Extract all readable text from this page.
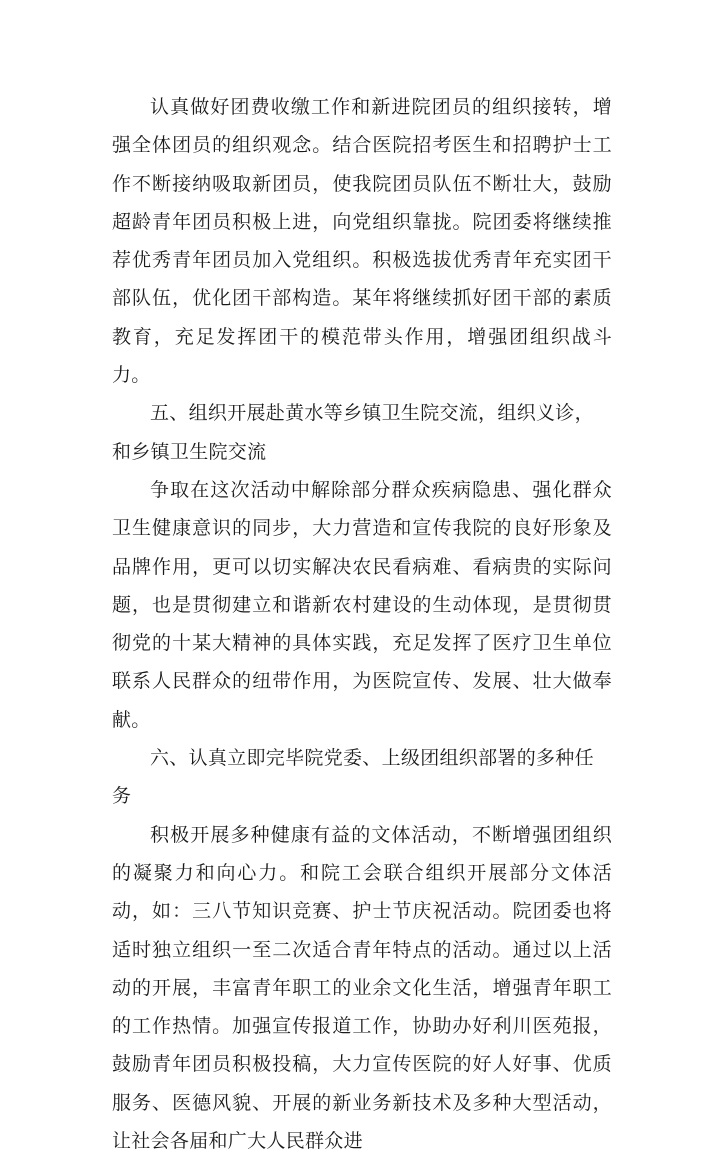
认真做好团费收缴工作和新进院团员的组织接转，增强全体团员的组织观念。结合医院招考医生和招聘护士工作不断接纳吸取新团员，使我院团员队伍不断壮大，鼓励超龄青年团员积极上进，向党组织靠拢。院团委将继续推荐优秀青年团员加入党组织。积极选拔优秀青年充实团干部队伍，优化团干部构造。某年将继续抓好团干部的素质教育，充足发挥团干的模范带头作用，增强团组织战斗力。

五、组织开展赴黄水等乡镇卫生院交流，组织义诊，和乡镇卫生院交流

争取在这次活动中解除部分群众疾病隐患、强化群众卫生健康意识的同步，大力营造和宣传我院的良好形象及品牌作用，更可以切实解决农民看病难、看病贵的实际问题，也是贯彻建立和谐新农村建设的生动体现，是贯彻贯彻党的十某大精神的具体实践，充足发挥了医疗卫生单位联系人民群众的纽带作用，为医院宣传、发展、壮大做奉献。

六、认真立即完毕院党委、上级团组织部署的多种任务

积极开展多种健康有益的文体活动，不断增强团组织的凝聚力和向心力。和院工会联合组织开展部分文体活动，如：三八节知识竞赛、护士节庆祝活动。院团委也将适时独立组织一至二次适合青年特点的活动。通过以上活动的开展，丰富青年职工的业余文化生活，增强青年职工的工作热情。加强宣传报道工作，协助办好利川医苑报，鼓励青年团员积极投稿，大力宣传医院的好人好事、优质服务、医德风貌、开展的新业务新技术及多种大型活动，让社会各届和广大人民群众进
